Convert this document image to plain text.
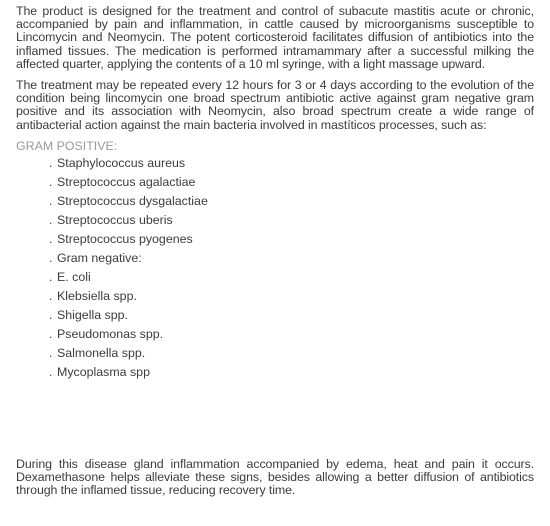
The product is designed for the treatment and control of subacute mastitis acute or chronic, accompanied by pain and inflammation, in cattle caused by microorganisms susceptible to Lincomycin and Neomycin. The potent corticosteroid facilitates diffusion of antibiotics into the inflamed tissues. The medication is performed intramammary after a successful milking the affected quarter, applying the contents of a 10 ml syringe, with a light massage upward.

The treatment may be repeated every 12 hours for 3 or 4 days according to the evolution of the condition being lincomycin one broad spectrum antibiotic active against gram negative gram positive and its association with Neomycin, also broad spectrum create a wide range of antibacterial action against the main bacteria involved in mastíticos processes, such as:

GRAM POSITIVE:
. Staphylococcus aureus
. Streptococcus agalactiae
. Streptococcus dysgalactiae
. Streptococcus uberis
. Streptococcus pyogenes
. Gram negative:
. E. coli
. Klebsiella spp.
. Shigella spp.
. Pseudomonas spp.
. Salmonella spp.
. Mycoplasma spp

During this disease gland inflammation accompanied by edema, heat and pain it occurs. Dexamethasone helps alleviate these signs, besides allowing a better diffusion of antibiotics through the inflamed tissue, reducing recovery time.
